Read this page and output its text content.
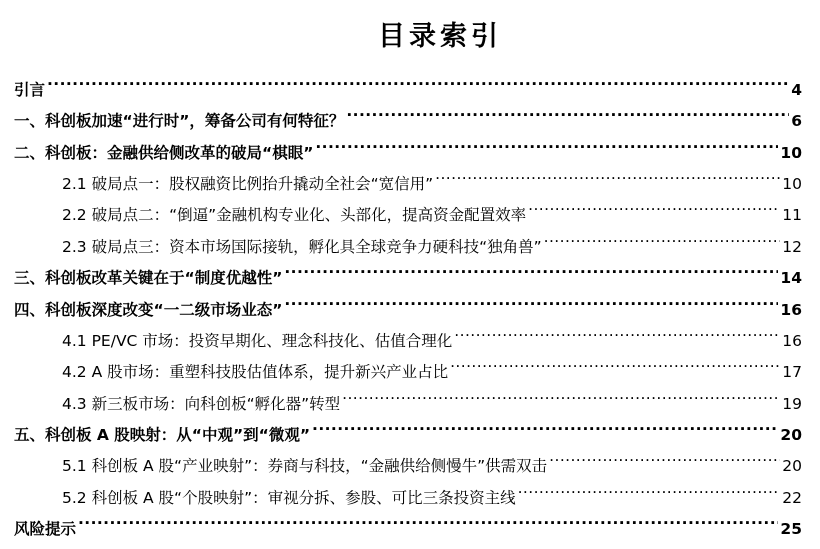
目录索引
引言 .....	4
一、科创板加速“进行时”，筹备公司有何特征？ .....	6
二、科创板：金融供给侧改革的破局“棋眼” .....	10
2.1 破局点一：股权融资比例抬升撬动全社会“宽信用” .....	10
2.2 破局点二：“倒逼”金融机构专业化、头部化，提高资金配置效率 .....	11
2.3 破局点三：资本市场国际接轨，孵化具全球竞争力硬科技“独角兽” .....	12
三、科创板改革关键在于“制度优越性” .....	14
四、科创板深度改变“一二级市场业态” .....	16
4.1 PE/VC 市场：投资早期化、理念科技化、估值合理化 .....	16
4.2 A 股市场：重塑科技股估值体系，提升新兴产业占比 .....	17
4.3 新三板市场：向科创板“孵化器”转型 .....	19
五、科创板 A 股映射：从“中观”到“微观” .....	20
5.1 科创板 A 股“产业映射”：券商与科技，“金融供给侧慢牛”供需双击 .....	20
5.2 科创板 A 股“个股映射”：审视分拆、参股、可比三条投资主线 .....	22
风险提示 .....	25
